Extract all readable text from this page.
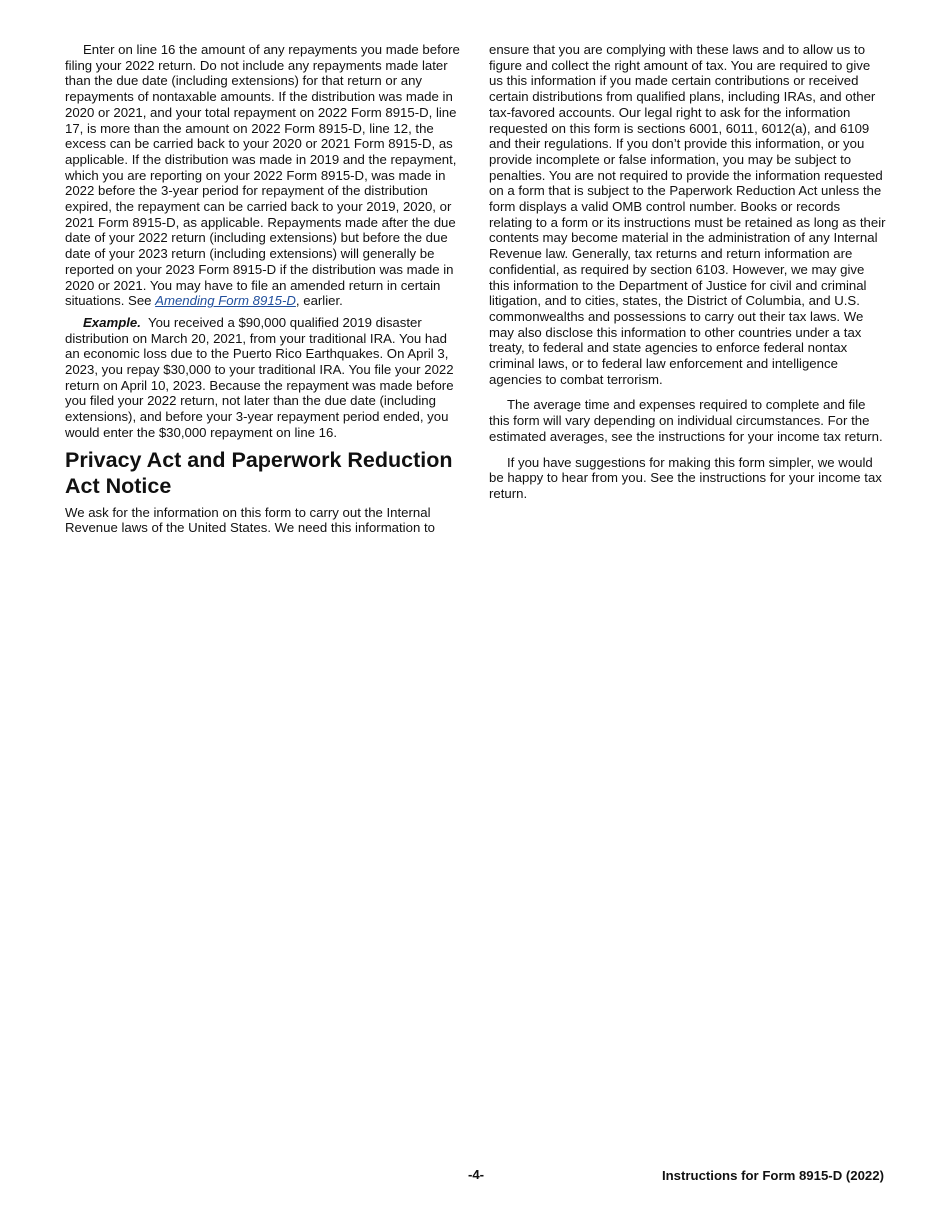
Enter on line 16 the amount of any repayments you made before filing your 2022 return. Do not include any repayments made later than the due date (including extensions) for that return or any repayments of nontaxable amounts. If the distribution was made in 2020 or 2021, and your total repayment on 2022 Form 8915-D, line 17, is more than the amount on 2022 Form 8915-D, line 12, the excess can be carried back to your 2020 or 2021 Form 8915-D, as applicable. If the distribution was made in 2019 and the repayment, which you are reporting on your 2022 Form 8915-D, was made in 2022 before the 3-year period for repayment of the distribution expired, the repayment can be carried back to your 2019, 2020, or 2021 Form 8915-D, as applicable. Repayments made after the due date of your 2022 return (including extensions) but before the due date of your 2023 return (including extensions) will generally be reported on your 2023 Form 8915-D if the distribution was made in 2020 or 2021. You may have to file an amended return in certain situations. See Amending Form 8915-D, earlier.

Example. You received a $90,000 qualified 2019 disaster distribution on March 20, 2021, from your traditional IRA. You had an economic loss due to the Puerto Rico Earthquakes. On April 3, 2023, you repay $30,000 to your traditional IRA. You file your 2022 return on April 10, 2023. Because the repayment was made before you filed your 2022 return, not later than the due date (including extensions), and before your 3-year repayment period ended, you would enter the $30,000 repayment on line 16.

Privacy Act and Paperwork Reduction Act Notice

We ask for the information on this form to carry out the Internal Revenue laws of the United States. We need this information to

ensure that you are complying with these laws and to allow us to figure and collect the right amount of tax. You are required to give us this information if you made certain contributions or received certain distributions from qualified plans, including IRAs, and other tax-favored accounts. Our legal right to ask for the information requested on this form is sections 6001, 6011, 6012(a), and 6109 and their regulations. If you don’t provide this information, or you provide incomplete or false information, you may be subject to penalties. You are not required to provide the information requested on a form that is subject to the Paperwork Reduction Act unless the form displays a valid OMB control number. Books or records relating to a form or its instructions must be retained as long as their contents may become material in the administration of any Internal Revenue law. Generally, tax returns and return information are confidential, as required by section 6103. However, we may give this information to the Department of Justice for civil and criminal litigation, and to cities, states, the District of Columbia, and U.S. commonwealths and possessions to carry out their tax laws. We may also disclose this information to other countries under a tax treaty, to federal and state agencies to enforce federal nontax criminal laws, or to federal law enforcement and intelligence agencies to combat terrorism.

The average time and expenses required to complete and file this form will vary depending on individual circumstances. For the estimated averages, see the instructions for your income tax return.

If you have suggestions for making this form simpler, we would be happy to hear from you. See the instructions for your income tax return.

-4-	Instructions for Form 8915-D (2022)
